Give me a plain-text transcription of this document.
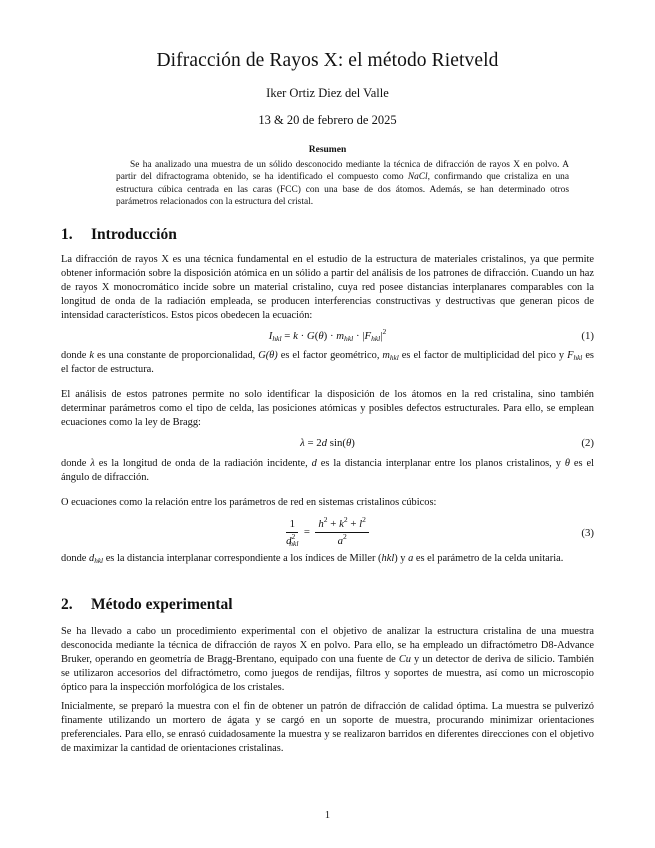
Difracción de Rayos X: el método Rietveld
Iker Ortiz Diez del Valle
13 & 20 de febrero de 2025
Resumen

Se ha analizado una muestra de un sólido desconocido mediante la técnica de difracción de rayos X en polvo. A partir del difractograma obtenido, se ha identificado el compuesto como NaCl, confirmando que cristaliza en una estructura cúbica centrada en las caras (FCC) con una base de dos átomos. Además, se han determinado otros parámetros relacionados con la estructura del cristal.

1. Introducción

La difracción de rayos X es una técnica fundamental en el estudio de la estructura de materiales cristalinos, ya que permite obtener información sobre la disposición atómica en un sólido a partir del análisis de los patrones de difracción. Cuando un haz de rayos X monocromático incide sobre un material cristalino, cuya red posee distancias interplanares comparables con la longitud de onda de la radiación empleada, se producen interferencias constructivas y destructivas que generan picos de intensidad característicos. Estos picos obedecen la ecuación:

$I_{hkl} = k \cdot G(\theta) \cdot m_{hkl} \cdot |F_{hkl}|^2$	(1)

donde k es una constante de proporcionalidad, G(θ) es el factor geométrico, $m_{hkl}$ es el factor de multiplicidad del pico y $F_{hkl}$ es el factor de estructura.

El análisis de estos patrones permite no solo identificar la disposición de los átomos en la red cristalina, sino también determinar parámetros como el tipo de celda, las posiciones atómicas y posibles defectos estructurales. Para ello, se emplean ecuaciones como la ley de Bragg:

λ = 2d sin(θ)	(2)

donde λ es la longitud de onda de la radiación incidente, d es la distancia interplanar entre los planos cristalinos, y θ es el ángulo de difracción.

O ecuaciones como la relación entre los parámetros de red en sistemas cristalinos cúbicos:

$\frac{1}{d^2_{hkl}} = \frac{h^2 + k^2 + l^2}{a^2}$	(3)

donde $d_{hkl}$ es la distancia interplanar correspondiente a los índices de Miller (hkl) y a es el parámetro de la celda unitaria.

2. Método experimental

Se ha llevado a cabo un procedimiento experimental con el objetivo de analizar la estructura cristalina de una muestra desconocida mediante la técnica de difracción de rayos X en polvo. Para ello, se ha empleado un difractómetro D8-Advance Bruker, operando en geometría de Bragg-Brentano, equipado con una fuente de Cu y un detector de deriva de silicio. También se utilizaron accesorios del difractómetro, como juegos de rendijas, filtros y soportes de muestra, así como un microscopio óptico para la inspección morfológica de los cristales.

Inicialmente, se preparó la muestra con el fin de obtener un patrón de difracción de calidad óptima. La muestra se pulverizó finamente utilizando un mortero de ágata y se cargó en un soporte de muestra, procurando minimizar orientaciones preferenciales. Para ello, se enrasó cuidadosamente la muestra y se realizaron barridos en diferentes direcciones con el objetivo de maximizar la cantidad de orientaciones cristalinas.

1
